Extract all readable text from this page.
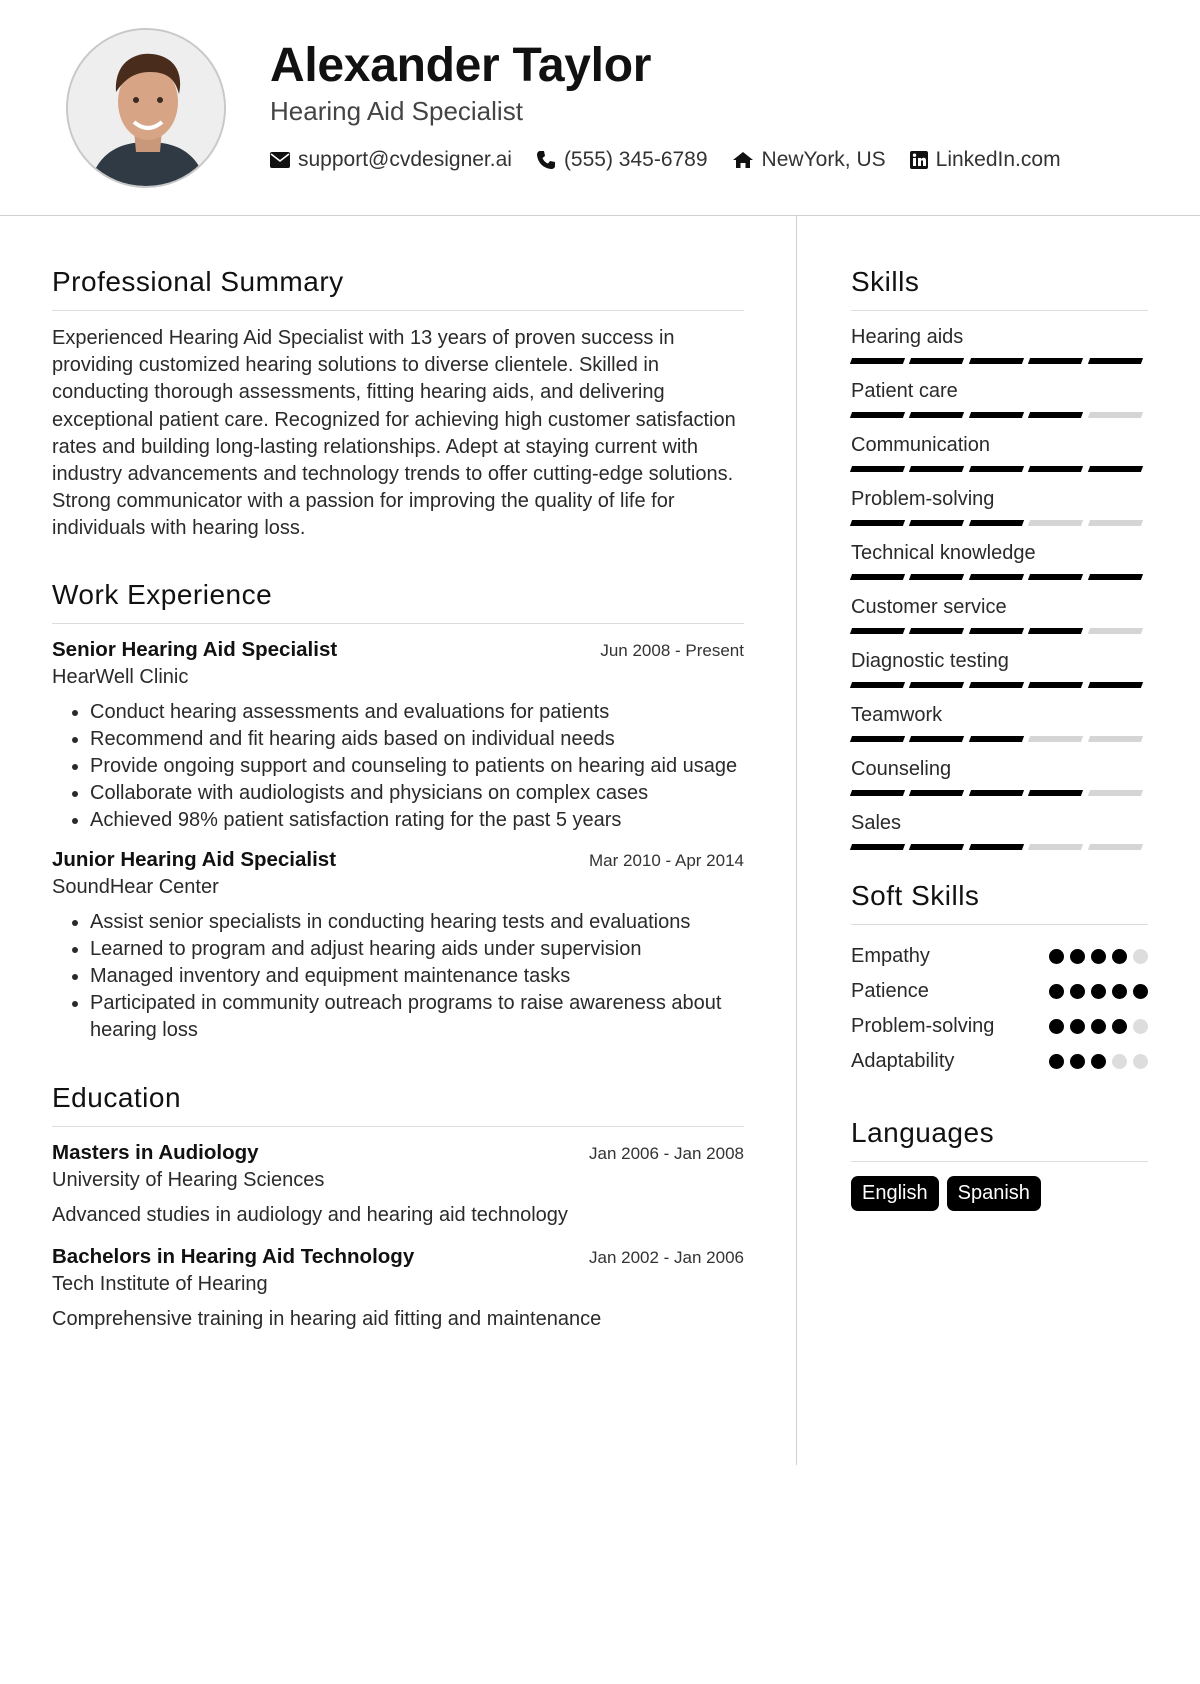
Alexander Taylor
Hearing Aid Specialist
support@cvdesigner.ai (555) 345-6789	NewYork, US LinkedIn.com
Professional Summary

Experienced Hearing Aid Specialist with 13 years of proven success in providing customized hearing solutions to diverse clientele. Skilled in conducting thorough assessments, fitting hearing aids, and delivering exceptional patient care. Recognized for achieving high customer satisfaction rates and building long-lasting relationships. Adept at staying current with industry advancements and technology trends to offer cutting-edge solutions. Strong communicator with a passion for improving the quality of life for individuals with hearing loss.

Work Experience
Senior Hearing Aid Specialist	Jun 2008 - Present
HearWell Clinic
• Conduct hearing assessments and evaluations for patients
• Recommend and fit hearing aids based on individual needs
• Provide ongoing support and counseling to patients on hearing aid usage
• Collaborate with audiologists and physicians on complex cases
• Achieved 98% patient satisfaction rating for the past 5 years
Junior Hearing Aid Specialist	Mar 2010 - Apr 2014
SoundHear Center
• Assist senior specialists in conducting hearing tests and evaluations
• Learned to program and adjust hearing aids under supervision
• Managed inventory and equipment maintenance tasks
• Participated in community outreach programs to raise awareness about hearing loss
Education
Masters in Audiology	Jan 2006 - Jan 2008
University of Hearing Sciences
Advanced studies in audiology and hearing aid technology
Bachelors in Hearing Aid Technology	Jan 2002 - Jan 2006
Tech Institute of Hearing
Comprehensive training in hearing aid fitting and maintenance
Skills
Hearing aids
Patient care
Communication
Problem-solving
Technical knowledge
Customer service
Diagnostic testing
Teamwork
Counseling
Sales
Soft Skills
Empathy
Patience
Problem-solving
Adaptability
Languages
English	Spanish
